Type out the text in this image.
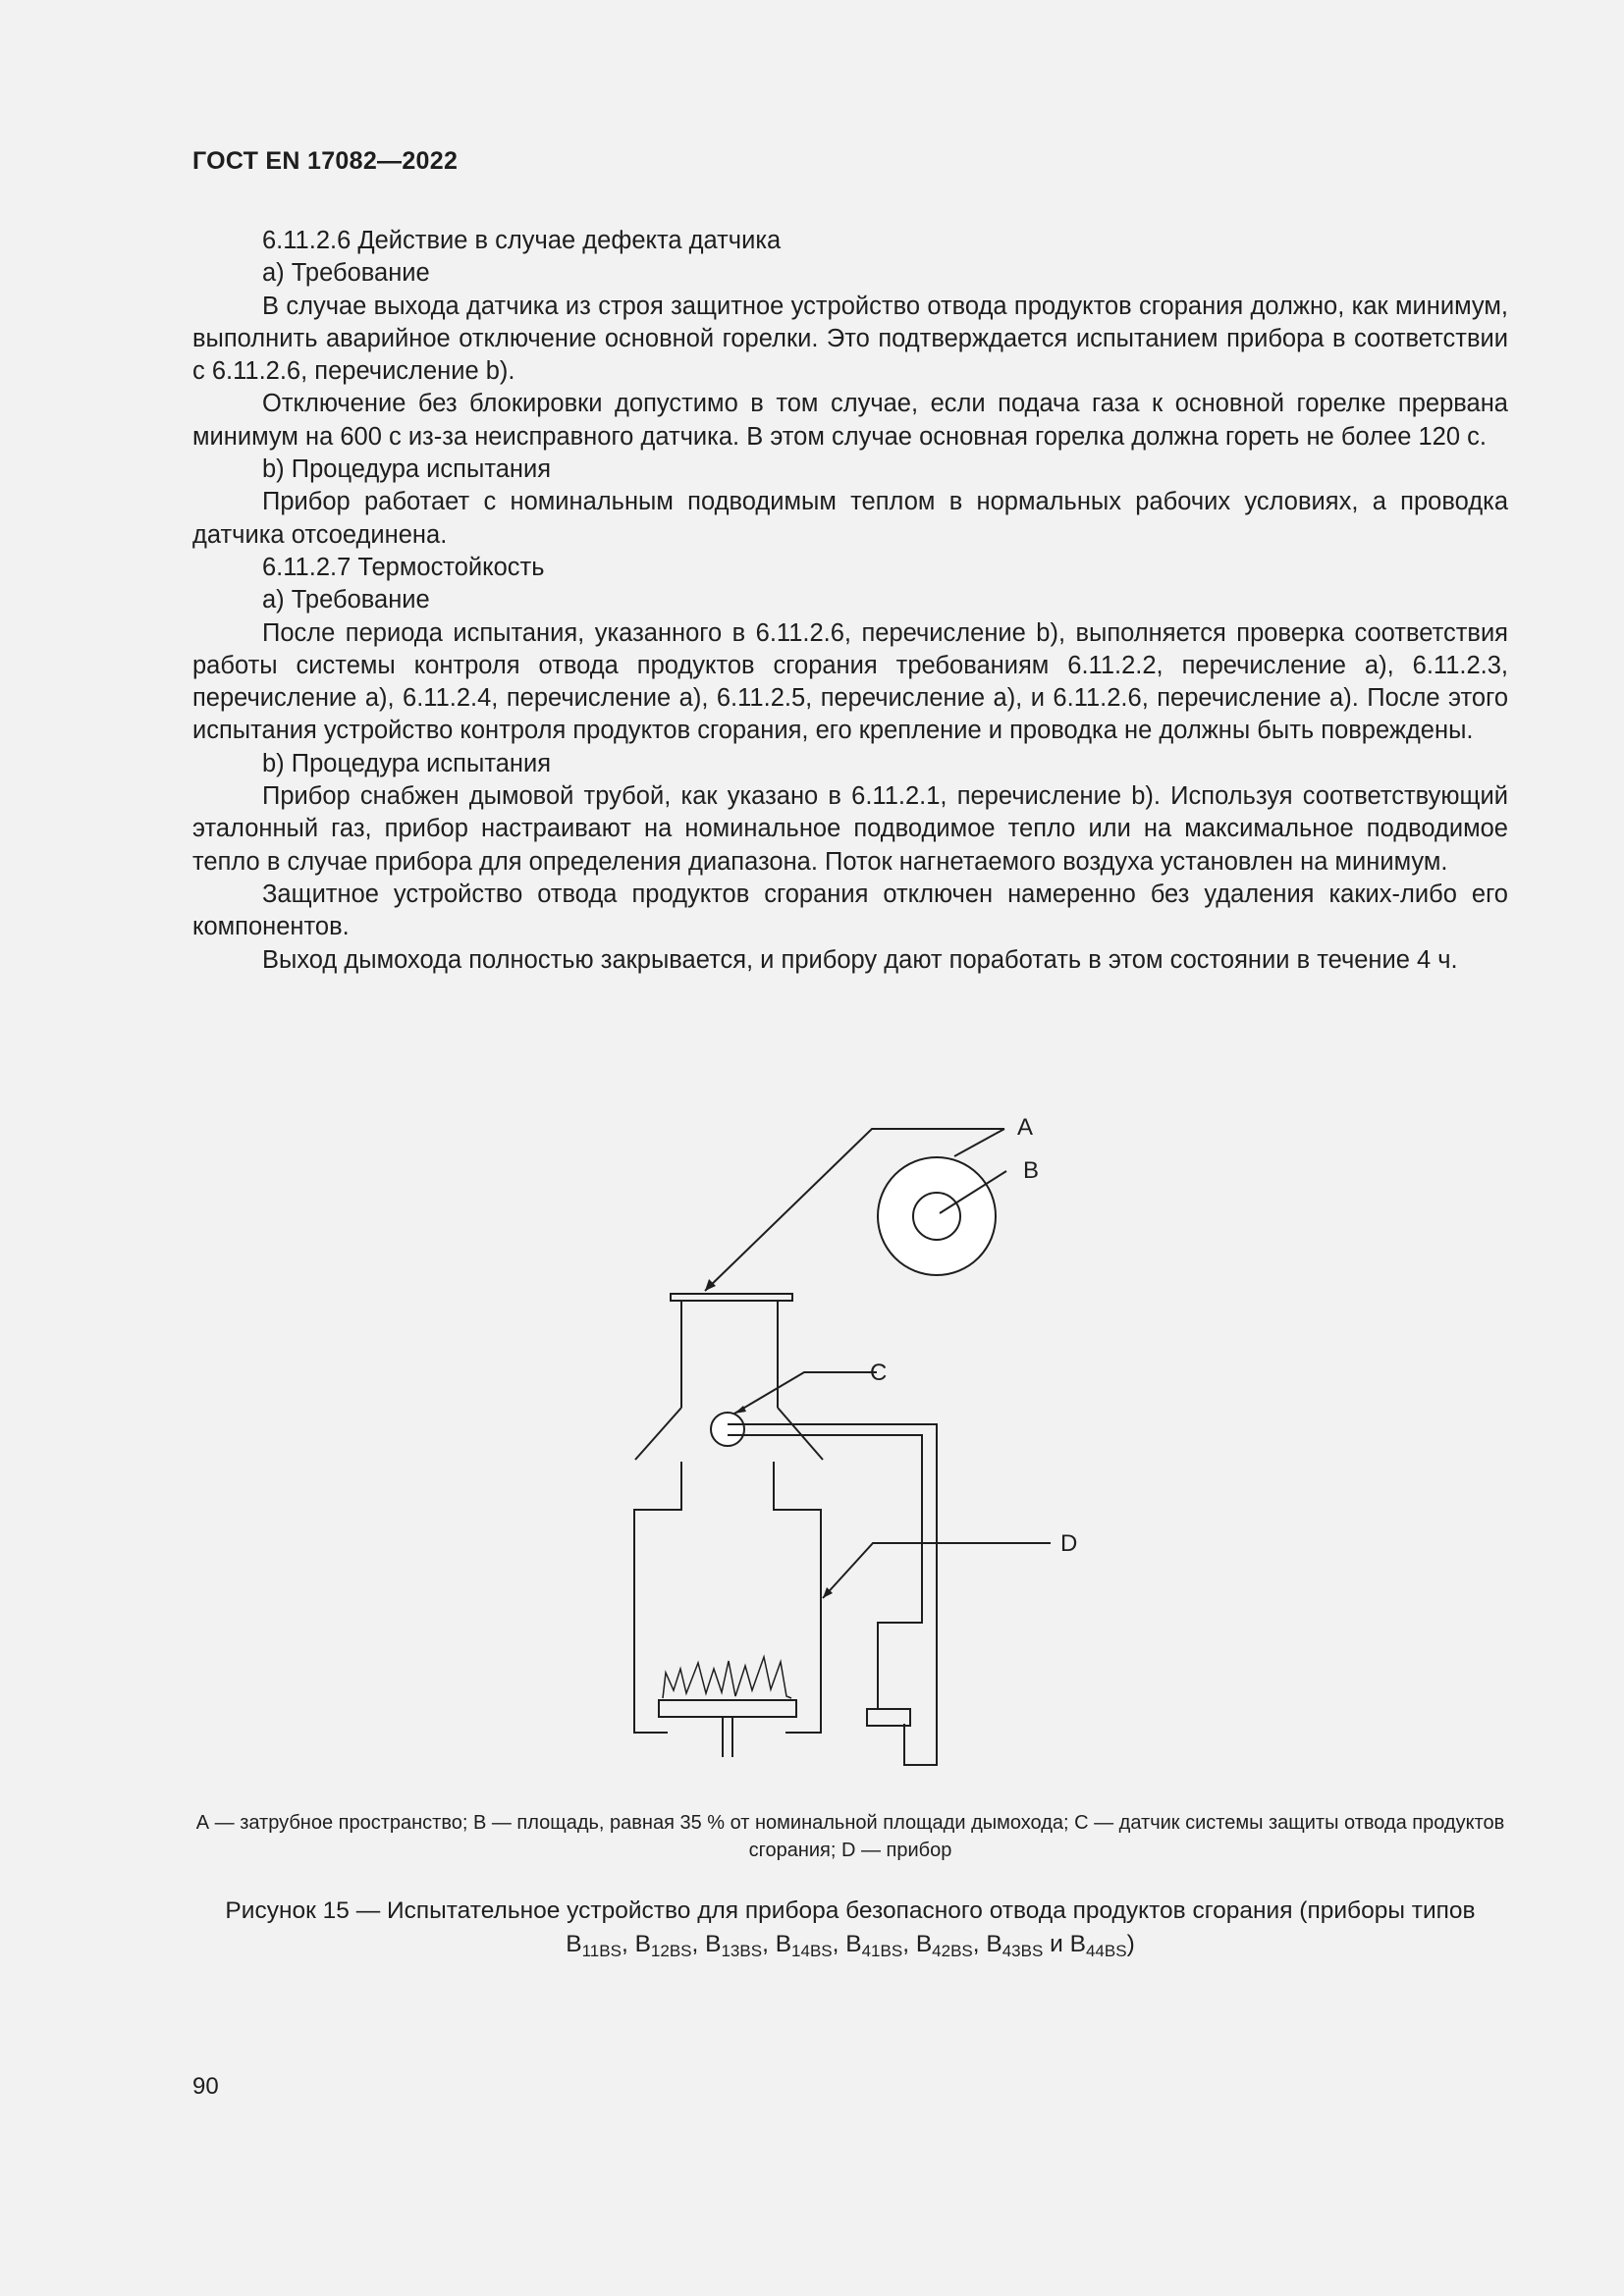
ГОСТ EN 17082—2022

6.11.2.6 Действие в случае дефекта датчика

а) Требование

В случае выхода датчика из строя защитное устройство отвода продуктов сгорания должно, как минимум, выполнить аварийное отключение основной горелки. Это подтверждается испытанием прибора в соответствии с 6.11.2.6, перечисление b).

Отключение без блокировки допустимо в том случае, если подача газа к основной горелке прервана минимум на 600 с из-за неисправного датчика. В этом случае основная горелка должна гореть не более 120 с.

b) Процедура испытания

Прибор работает с номинальным подводимым теплом в нормальных рабочих условиях, а проводка датчика отсоединена.

6.11.2.7 Термостойкость

а) Требование

После периода испытания, указанного в 6.11.2.6, перечисление b), выполняется проверка соответствия работы системы контроля отвода продуктов сгорания требованиям 6.11.2.2, перечисление а), 6.11.2.3, перечисление а), 6.11.2.4, перечисление а), 6.11.2.5, перечисление а), и 6.11.2.6, перечисление а). После этого испытания устройство контроля продуктов сгорания, его крепление и проводка не должны быть повреждены.

b) Процедура испытания

Прибор снабжен дымовой трубой, как указано в 6.11.2.1, перечисление b). Используя соответствующий эталонный газ, прибор настраивают на номинальное подводимое тепло или на максимальное подводимое тепло в случае прибора для определения диапазона. Поток нагнетаемого воздуха установлен на минимум.

Защитное устройство отвода продуктов сгорания отключен намеренно без удаления каких-либо его компонентов.

Выход дымохода полностью закрывается, и прибору дают поработать в этом состоянии в течение 4 ч.

A
B
C
D
А — затрубное пространство; В — площадь, равная 35 % от номинальной площади дымохода; С — датчик системы защиты отвода продуктов сгорания; D — прибор
Рисунок 15 — Испытательное устройство для прибора безопасного отвода продуктов сгорания (приборы типов
$B_{11BS}$, $B_{12BS}$, $B_{13BS}$, $B_{14BS}$, $B_{41BS}$, $B_{42BS}$, $B_{43BS}$ и $B_{44BS}$)
90
